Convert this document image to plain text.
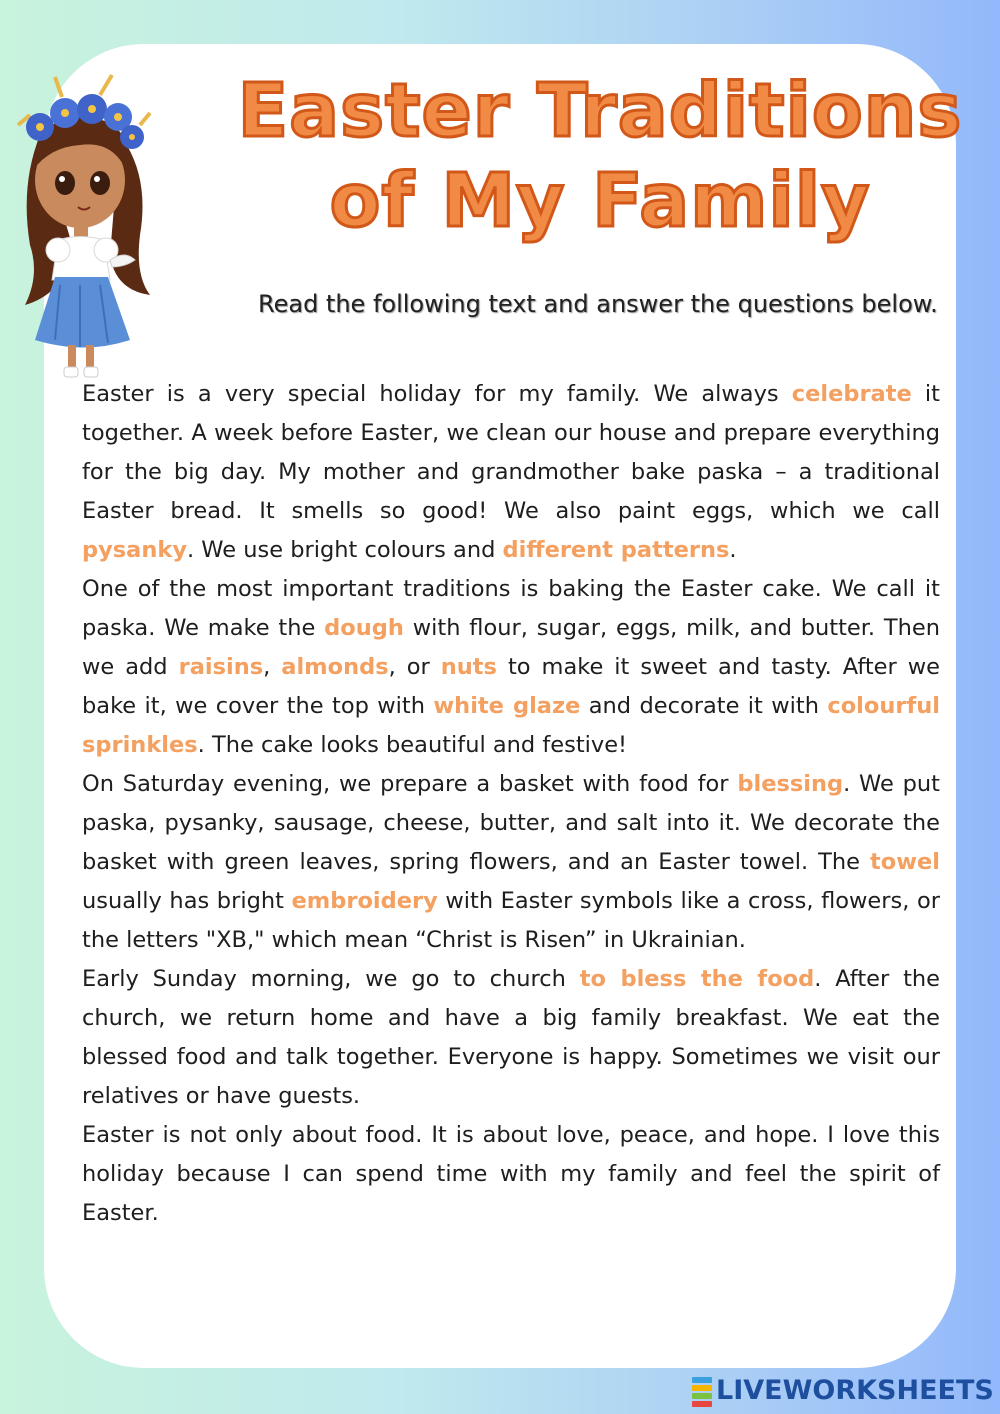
Easter Traditions
of My Family
Read the following text and answer the questions below.

Easter is a very special holiday for my family. We always celebrate it together. A week before Easter, we clean our house and prepare everything for the big day. My mother and grandmother bake paska – a traditional Easter bread. It smells so good! We also paint eggs, which we call pysanky. We use bright colours and different patterns.

One of the most important traditions is baking the Easter cake. We call it paska. We make the dough with flour, sugar, eggs, milk, and butter. Then we add raisins, almonds, or nuts to make it sweet and tasty. After we bake it, we cover the top with white glaze and decorate it with colourful sprinkles. The cake looks beautiful and festive!

On Saturday evening, we prepare a basket with food for blessing. We put paska, pysanky, sausage, cheese, butter, and salt into it. We decorate the basket with green leaves, spring flowers, and an Easter towel. The towel usually has bright embroidery with Easter symbols like a cross, flowers, or the letters "XB," which mean “Christ is Risen” in Ukrainian.

Early Sunday morning, we go to church to bless the food. After the church, we return home and have a big family breakfast. We eat the blessed food and talk together. Everyone is happy. Sometimes we visit our relatives or have guests.

Easter is not only about food. It is about love, peace, and hope. I love this holiday because I can spend time with my family and feel the spirit of Easter.

LIVEWORKSHEETS
